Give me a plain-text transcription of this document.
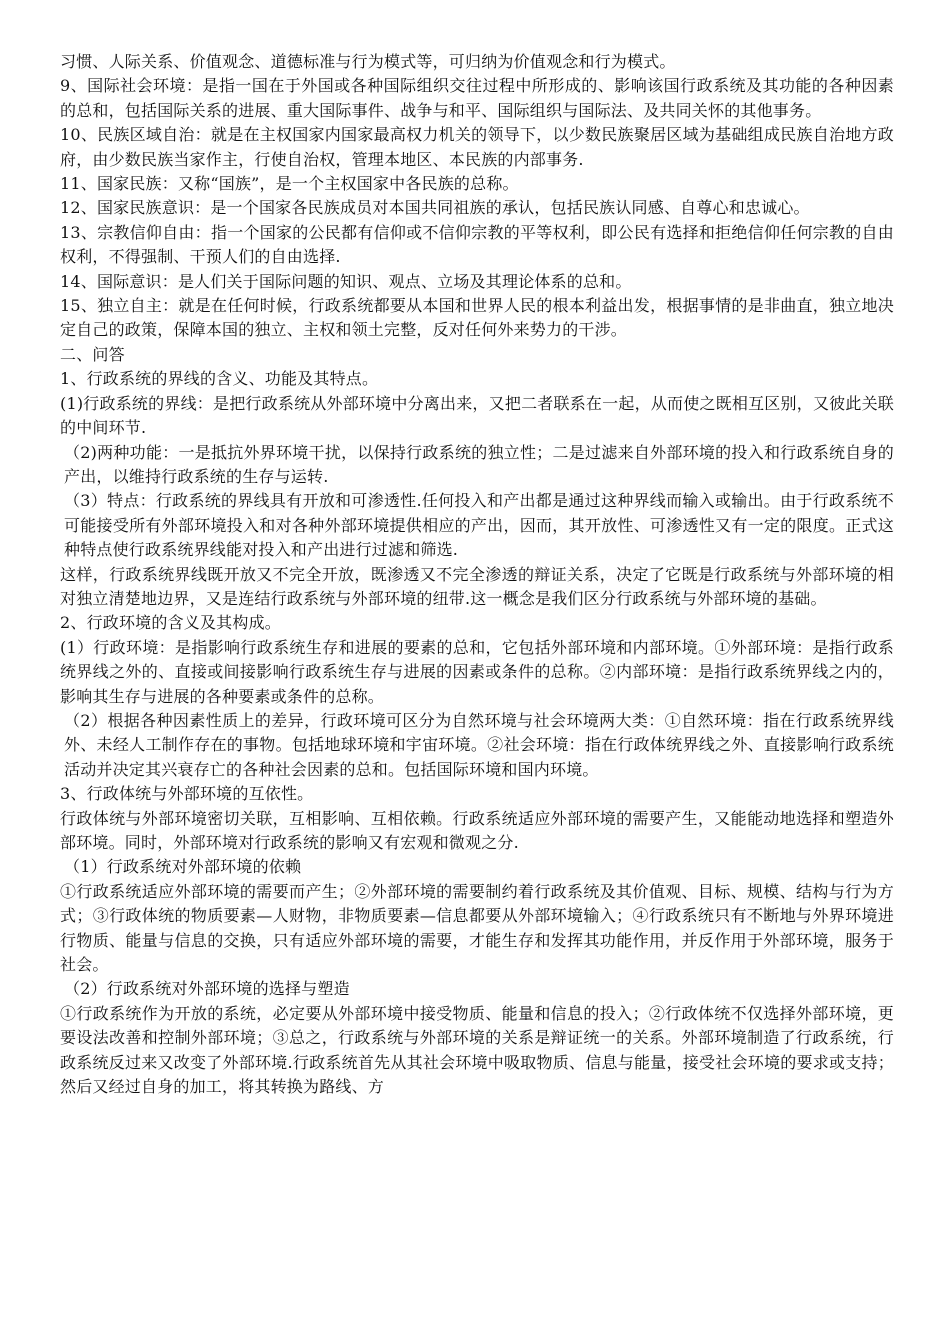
习惯、人际关系、价值观念、道德标准与行为模式等，可归纳为价值观念和行为模式。

9、国际社会环境：是指一国在于外国或各种国际组织交往过程中所形成的、影响该国行政系统及其功能的各种因素的总和，包括国际关系的进展、重大国际事件、战争与和平、国际组织与国际法、及共同关怀的其他事务。

10、民族区域自治：就是在主权国家内国家最高权力机关的领导下，以少数民族聚居区域为基础组成民族自治地方政府，由少数民族当家作主，行使自治权，管理本地区、本民族的内部事务.

11、国家民族：又称“国族”，是一个主权国家中各民族的总称。

12、国家民族意识：是一个国家各民族成员对本国共同祖族的承认，包括民族认同感、自尊心和忠诚心。

13、宗教信仰自由：指一个国家的公民都有信仰或不信仰宗教的平等权利，即公民有选择和拒绝信仰任何宗教的自由权利，不得强制、干预人们的自由选择.

14、国际意识：是人们关于国际问题的知识、观点、立场及其理论体系的总和。

15、独立自主：就是在任何时候，行政系统都要从本国和世界人民的根本利益出发，根据事情的是非曲直，独立地决定自己的政策，保障本国的独立、主权和领土完整，反对任何外来势力的干涉。

二、问答

1、行政系统的界线的含义、功能及其特点。

(1)行政系统的界线：是把行政系统从外部环境中分离出来，又把二者联系在一起，从而使之既相互区别，又彼此关联的中间环节.

（2)两种功能：一是抵抗外界环境干扰，以保持行政系统的独立性；二是过滤来自外部环境的投入和行政系统自身的产出，以维持行政系统的生存与运转.

（3）特点：行政系统的界线具有开放和可渗透性.任何投入和产出都是通过这种界线而输入或输出。由于行政系统不可能接受所有外部环境投入和对各种外部环境提供相应的产出，因而，其开放性、可渗透性又有一定的限度。正式这种特点使行政系统界线能对投入和产出进行过滤和筛选.

这样，行政系统界线既开放又不完全开放，既渗透又不完全渗透的辩证关系，决定了它既是行政系统与外部环境的相对独立清楚地边界，又是连结行政系统与外部环境的纽带.这一概念是我们区分行政系统与外部环境的基础。

2、行政环境的含义及其构成。

(1）行政环境：是指影响行政系统生存和进展的要素的总和，它包括外部环境和内部环境。①外部环境：是指行政系统界线之外的、直接或间接影响行政系统生存与进展的因素或条件的总称。②内部环境：是指行政系统界线之内的，影响其生存与进展的各种要素或条件的总称。

（2）根据各种因素性质上的差异，行政环境可区分为自然环境与社会环境两大类：①自然环境：指在行政系统界线外、未经人工制作存在的事物。包括地球环境和宇宙环境。②社会环境：指在行政体统界线之外、直接影响行政系统活动并决定其兴衰存亡的各种社会因素的总和。包括国际环境和国内环境。

3、行政体统与外部环境的互依性。

行政体统与外部环境密切关联，互相影响、互相依赖。行政系统适应外部环境的需要产生，又能能动地选择和塑造外部环境。同时，外部环境对行政系统的影响又有宏观和微观之分.

（1）行政系统对外部环境的依赖

①行政系统适应外部环境的需要而产生；②外部环境的需要制约着行政系统及其价值观、目标、规模、结构与行为方式；③行政体统的物质要素—人财物，非物质要素—信息都要从外部环境输入；④行政系统只有不断地与外界环境进行物质、能量与信息的交换，只有适应外部环境的需要，才能生存和发挥其功能作用，并反作用于外部环境，服务于社会。

（2）行政系统对外部环境的选择与塑造

①行政系统作为开放的系统，必定要从外部环境中接受物质、能量和信息的投入；②行政体统不仅选择外部环境，更要设法改善和控制外部环境；③总之，行政系统与外部环境的关系是辩证统一的关系。外部环境制造了行政系统，行政系统反过来又改变了外部环境.行政系统首先从其社会环境中吸取物质、信息与能量，接受社会环境的要求或支持；然后又经过自身的加工，将其转换为路线、方
